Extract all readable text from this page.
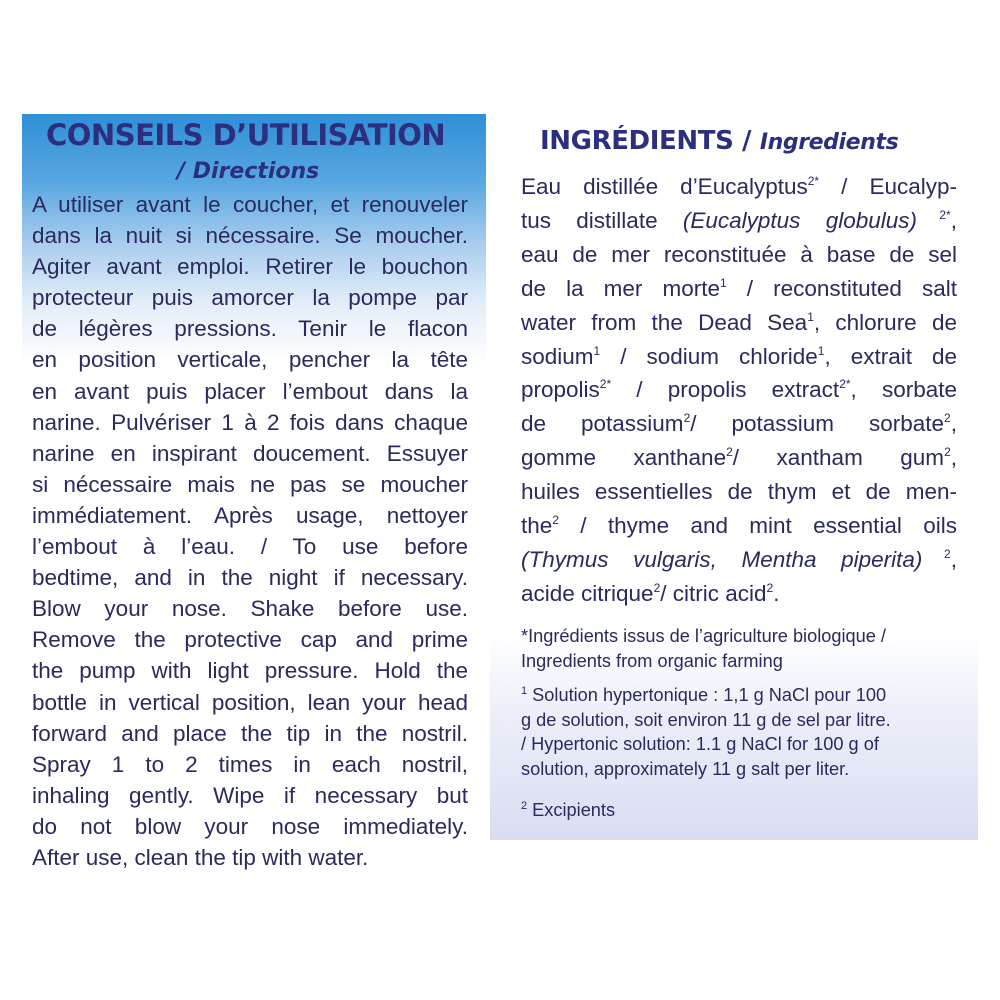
CONSEILS D’UTILISATION
/ Directions
A utiliser avant le coucher, et renouveler
dans la nuit si nécessaire. Se moucher.
Agiter avant emploi. Retirer le bouchon
protecteur puis amorcer la pompe par
de légères pressions. Tenir le flacon
en position verticale, pencher la tête
en avant puis placer l’embout dans la
narine. Pulvériser 1 à 2 fois dans chaque
narine en inspirant doucement. Essuyer
si nécessaire mais ne pas se moucher
immédiatement. Après usage, nettoyer
l’embout à l’eau. / To use before
bedtime, and in the night if necessary.
Blow your nose. Shake before use.
Remove the protective cap and prime
the pump with light pressure. Hold the
bottle in vertical position, lean your head
forward and place the tip in the nostril.
Spray 1 to 2 times in each nostril,
inhaling gently. Wipe if necessary but
do not blow your nose immediately.
After use, clean the tip with water.
INGRÉDIENTS / Ingredients
Eau distillée d’Eucalyptus$^{2*}$ / Eucalyp-
tus distillate (Eucalyptus globulus) $^{2*}$,
eau de mer reconstituée à base de sel
de la mer morte$^1$ / reconstituted salt
water from the Dead Sea$^1$, chlorure de
sodium$^1$ / sodium chloride$^1$, extrait de
propolis$^{2*}$ / propolis extract$^{2*}$, sorbate
de potassium$^2$/ potassium sorbate$^2$,
gomme xanthane$^2$/ xantham gum$^2$,
huiles essentielles de thym et de men-
the$^2$ / thyme and mint essential oils
(Thymus vulgaris, Mentha piperita) $^2$,
acide citrique$^2$/ citric acid$^2$.
*Ingrédients issus de l’agriculture biologique /
Ingredients from organic farming
$^1$ Solution hypertonique : 1,1 g NaCl pour 100
g de solution, soit environ 11 g de sel par litre.
/ Hypertonic solution: 1.1 g NaCl for 100 g of
solution, approximately 11 g salt per liter.
$^2$ Excipients
